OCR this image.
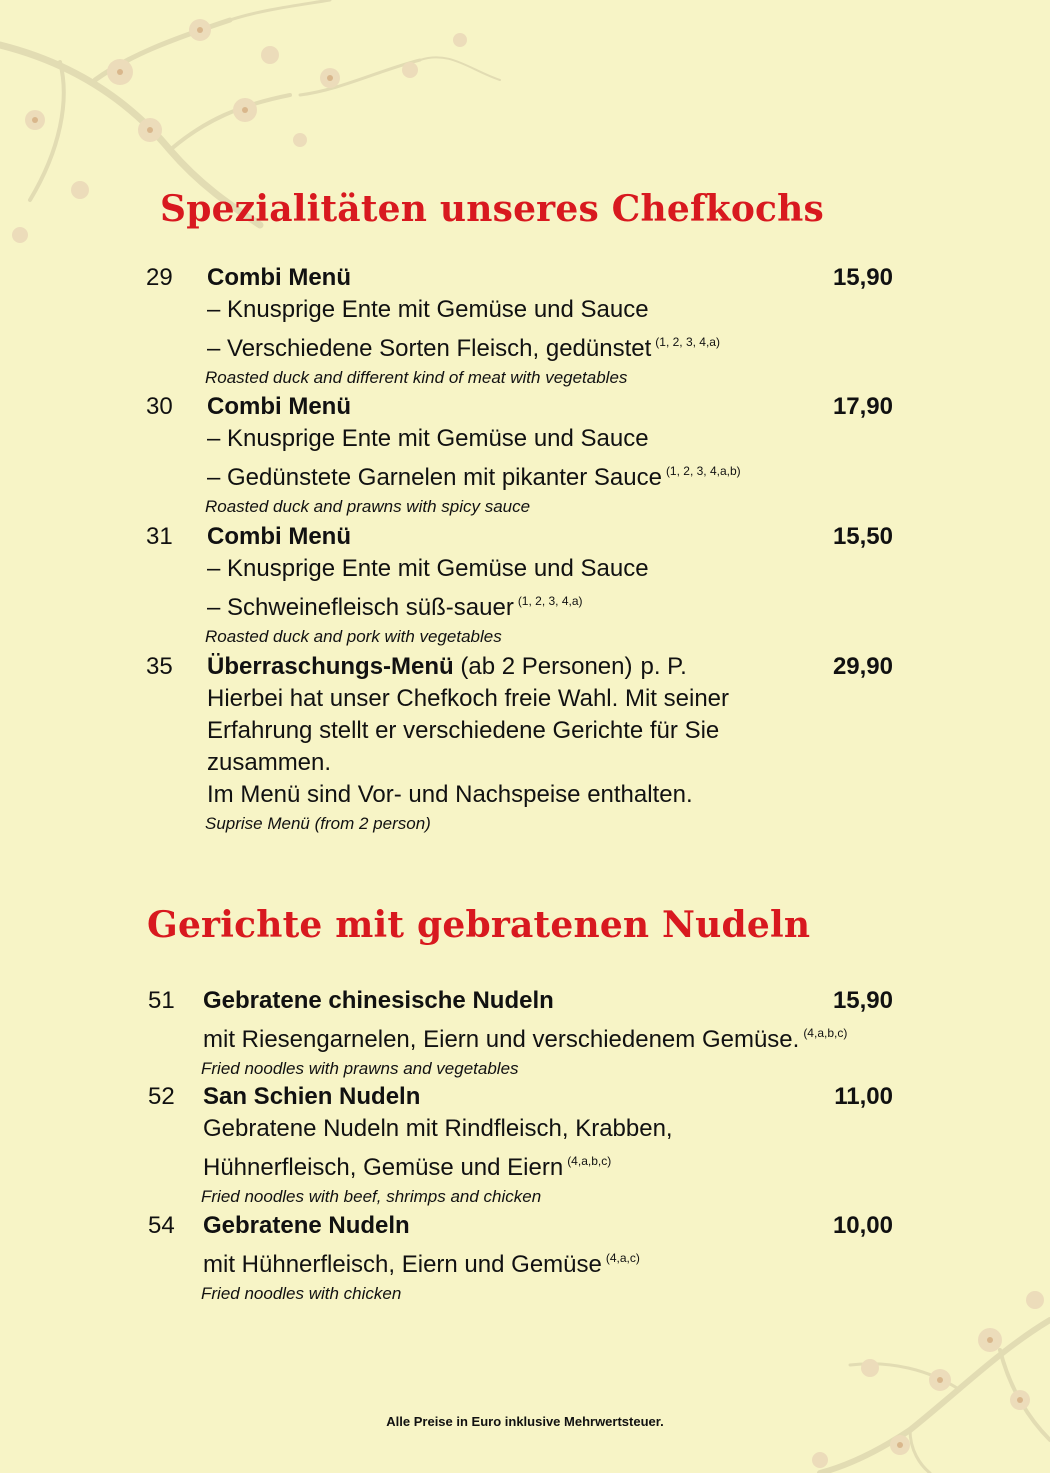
Spezialitäten unseres Chefkochs
29 Combi Menü
– Knusprige Ente mit Gemüse und Sauce
– Verschiedene Sorten Fleisch, gedünstet $^{(1, 2, 3, 4,a)}$
Roasted duck and different kind of meat with vegetables
15,90
30 Combi Menü
– Knusprige Ente mit Gemüse und Sauce
– Gedünstete Garnelen mit pikanter Sauce $^{(1, 2, 3, 4,a,b)}$
Roasted duck and prawns with spicy sauce
17,90
31 Combi Menü
– Knusprige Ente mit Gemüse und Sauce
– Schweinefleisch süß-sauer $^{(1, 2, 3, 4,a)}$
Roasted duck and pork with vegetables
15,50
35 Überraschungs-Menü (ab 2 Personen) p. P.
Hierbei hat unser Chefkoch freie Wahl. Mit seiner
Erfahrung stellt er verschiedene Gerichte für Sie
zusammen.
Im Menü sind Vor- und Nachspeise enthalten.
Suprise Menü (from 2 person)
29,90
Gerichte mit gebratenen Nudeln
51 Gebratene chinesische Nudeln
mit Riesengarnelen, Eiern und verschiedenem Gemüse. $^{(4,a,b,c)}$
Fried noodles with prawns and vegetables
15,90
52 San Schien Nudeln
Gebratene Nudeln mit Rindfleisch, Krabben,
Hühnerfleisch, Gemüse und Eiern $^{(4,a,b,c)}$
Fried noodles with beef, shrimps and chicken
11,00
54 Gebratene Nudeln
mit Hühnerfleisch, Eiern und Gemüse $^{(4,a,c)}$
Fried noodles with chicken
10,00
Alle Preise in Euro inklusive Mehrwertsteuer.
